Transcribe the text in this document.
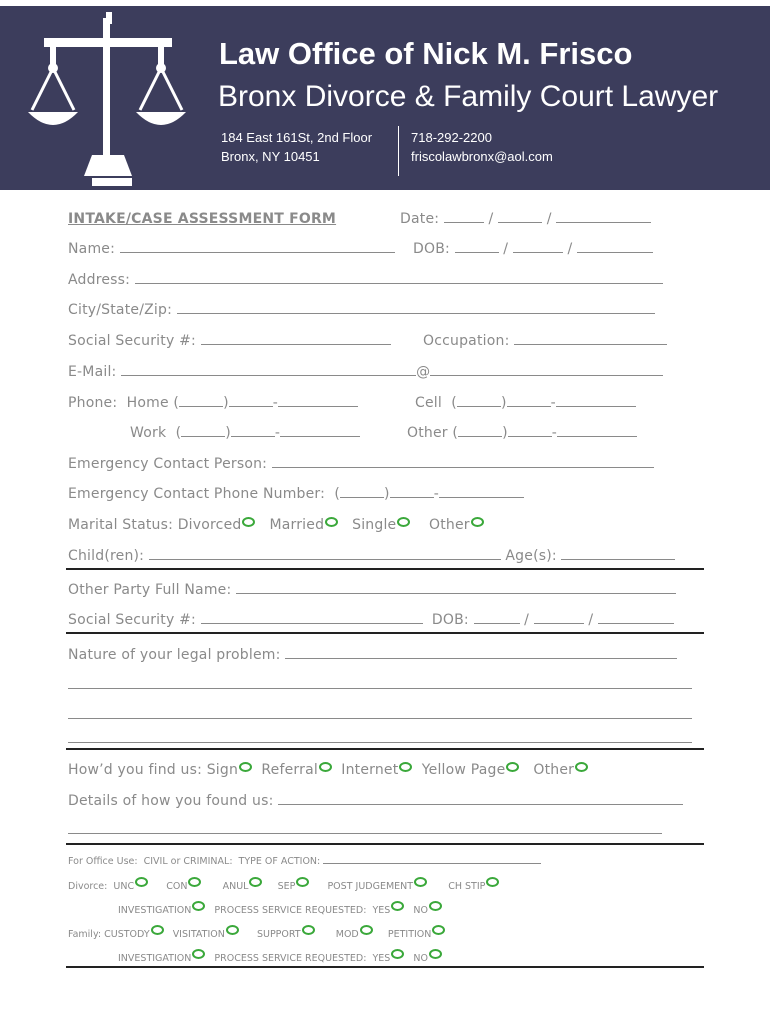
Law Office of Nick M. Frisco
Bronx Divorce & Family Court Lawyer
184 East 161St, 2nd Floor
Bronx, NY 10451
718-292-2200
friscolawbronx@aol.com
INTAKE/CASE ASSESSMENT FORM	Date:	/	/
Name:	DOB:	/	/
Address:
City/State/Zip:
Social Security #:	Occupation:
E-Mail:	@
Phone: Home (	)	-	Cell  (	)	-
Work  (	)	-	Other (	)	-
Emergency Contact Person:
Emergency Contact Phone Number:  (	)	-
Marital Status: Divorced Married Single Other
Child(ren):	Age(s):
Other Party Full Name:
Social Security #:	DOB:	/	/
Nature of your legal problem:
How’d you find us: Sign Referral Internet Yellow Page Other
Details of how you found us:
For Office Use:  CIVIL or CRIMINAL:  TYPE OF ACTION:
Divorce: UNC	CON	ANUL	SEP	POST JUDGEMENT	CH STIP
INVESTIGATION PROCESS SERVICE REQUESTED: YES NO
Family: CUSTODY VISITATION	SUPPORT	MOD	PETITION
INVESTIGATION PROCESS SERVICE REQUESTED: YES NO
